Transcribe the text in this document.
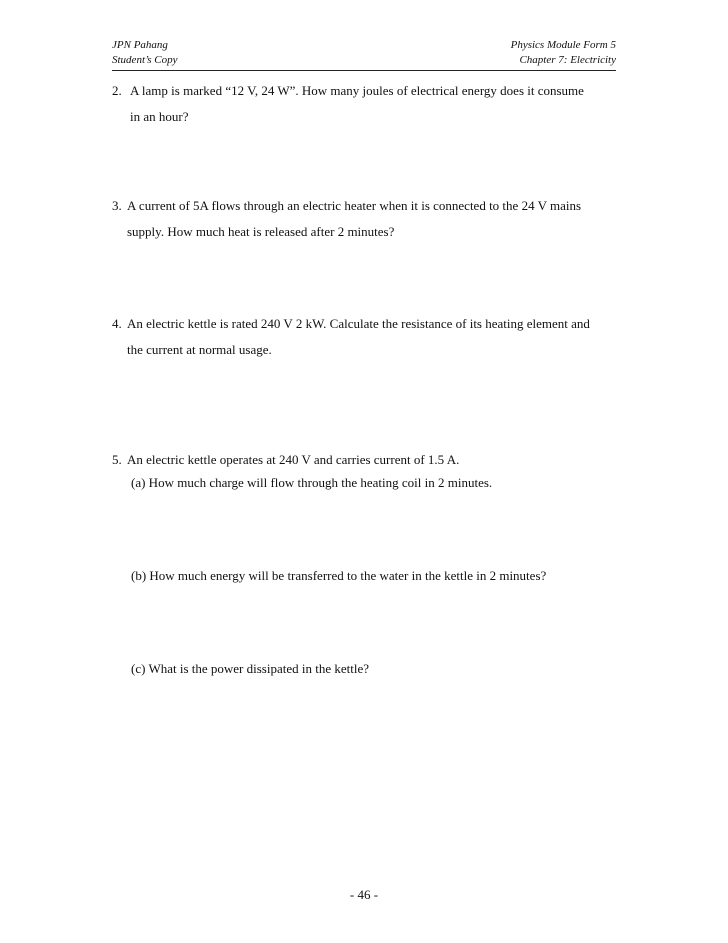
JPN Pahang
Student’s Copy
Physics Module Form 5
Chapter 7: Electricity
2. A lamp is marked “12 V, 24 W”. How many joules of electrical energy does it consume
in an hour?
3. A current of 5A flows through an electric heater when it is connected to the 24 V mains
supply. How much heat is released after 2 minutes?
4. An electric kettle is rated 240 V 2 kW. Calculate the resistance of its heating element and
the current at normal usage.
5. An electric kettle operates at 240 V and carries current of 1.5 A.
(a) How much charge will flow through the heating coil in 2 minutes.
(b) How much energy will be transferred to the water in the kettle in 2 minutes?
(c) What is the power dissipated in the kettle?
- 46 -
